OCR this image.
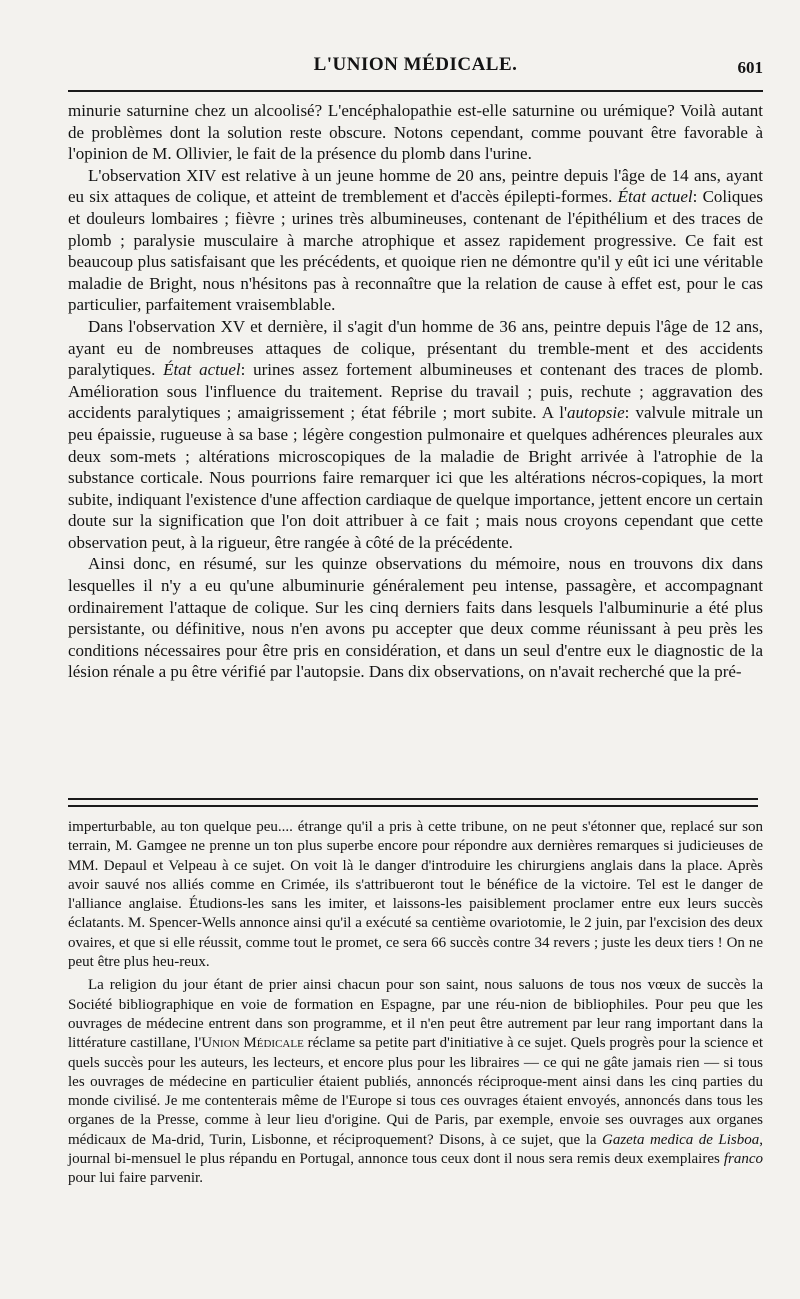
L'UNION MÉDICALE.	601

minurie saturnine chez un alcoolisé? L'encéphalopathie est-elle saturnine ou urémique? Voilà autant de problèmes dont la solution reste obscure. Notons cependant, comme pouvant être favorable à l'opinion de M. Ollivier, le fait de la présence du plomb dans l'urine.

L'observation XIV est relative à un jeune homme de 20 ans, peintre depuis l'âge de 14 ans, ayant eu six attaques de colique, et atteint de tremblement et d'accès épilepti-formes. État actuel: Coliques et douleurs lombaires ; fièvre ; urines très albumineuses, contenant de l'épithélium et des traces de plomb ; paralysie musculaire à marche atrophique et assez rapidement progressive. Ce fait est beaucoup plus satisfaisant que les précédents, et quoique rien ne démontre qu'il y eût ici une véritable maladie de Bright, nous n'hésitons pas à reconnaître que la relation de cause à effet est, pour le cas particulier, parfaitement vraisemblable.

Dans l'observation XV et dernière, il s'agit d'un homme de 36 ans, peintre depuis l'âge de 12 ans, ayant eu de nombreuses attaques de colique, présentant du tremble-ment et des accidents paralytiques. État actuel: urines assez fortement albumineuses et contenant des traces de plomb. Amélioration sous l'influence du traitement. Reprise du travail ; puis, rechute ; aggravation des accidents paralytiques ; amaigrissement ; état fébrile ; mort subite. A l'autopsie: valvule mitrale un peu épaissie, rugueuse à sa base ; légère congestion pulmonaire et quelques adhérences pleurales aux deux som-mets ; altérations microscopiques de la maladie de Bright arrivée à l'atrophie de la substance corticale. Nous pourrions faire remarquer ici que les altérations nécros-copiques, la mort subite, indiquant l'existence d'une affection cardiaque de quelque importance, jettent encore un certain doute sur la signification que l'on doit attribuer à ce fait ; mais nous croyons cependant que cette observation peut, à la rigueur, être rangée à côté de la précédente.

Ainsi donc, en résumé, sur les quinze observations du mémoire, nous en trouvons dix dans lesquelles il n'y a eu qu'une albuminurie généralement peu intense, passagère, et accompagnant ordinairement l'attaque de colique. Sur les cinq derniers faits dans lesquels l'albuminurie a été plus persistante, ou définitive, nous n'en avons pu accepter que deux comme réunissant à peu près les conditions nécessaires pour être pris en considération, et dans un seul d'entre eux le diagnostic de la lésion rénale a pu être vérifié par l'autopsie. Dans dix observations, on n'avait recherché que la pré-

imperturbable, au ton quelque peu.... étrange qu'il a pris à cette tribune, on ne peut s'étonner que, replacé sur son terrain, M. Gamgee ne prenne un ton plus superbe encore pour répondre aux dernières remarques si judicieuses de MM. Depaul et Velpeau à ce sujet. On voit là le danger d'introduire les chirurgiens anglais dans la place. Après avoir sauvé nos alliés comme en Crimée, ils s'attribueront tout le bénéfice de la victoire. Tel est le danger de l'alliance anglaise. Étudions-les sans les imiter, et laissons-les paisiblement proclamer entre eux leurs succès éclatants. M. Spencer-Wells annonce ainsi qu'il a exécuté sa centième ovariotomie, le 2 juin, par l'excision des deux ovaires, et que si elle réussit, comme tout le promet, ce sera 66 succès contre 34 revers ; juste les deux tiers ! On ne peut être plus heu-reux.

La religion du jour étant de prier ainsi chacun pour son saint, nous saluons de tous nos vœux de succès la Société bibliographique en voie de formation en Espagne, par une réu-nion de bibliophiles. Pour peu que les ouvrages de médecine entrent dans son programme, et il n'en peut être autrement par leur rang important dans la littérature castillane, l'Union Médicale réclame sa petite part d'initiative à ce sujet. Quels progrès pour la science et quels succès pour les auteurs, les lecteurs, et encore plus pour les libraires — ce qui ne gâte jamais rien — si tous les ouvrages de médecine en particulier étaient publiés, annoncés réciproque-ment ainsi dans les cinq parties du monde civilisé. Je me contenterais même de l'Europe si tous ces ouvrages étaient envoyés, annoncés dans tous les organes de la Presse, comme à leur lieu d'origine. Qui de Paris, par exemple, envoie ses ouvrages aux organes médicaux de Ma-drid, Turin, Lisbonne, et réciproquement? Disons, à ce sujet, que la Gazeta medica de Lisboa, journal bi-mensuel le plus répandu en Portugal, annonce tous ceux dont il nous sera remis deux exemplaires franco pour lui faire parvenir.
